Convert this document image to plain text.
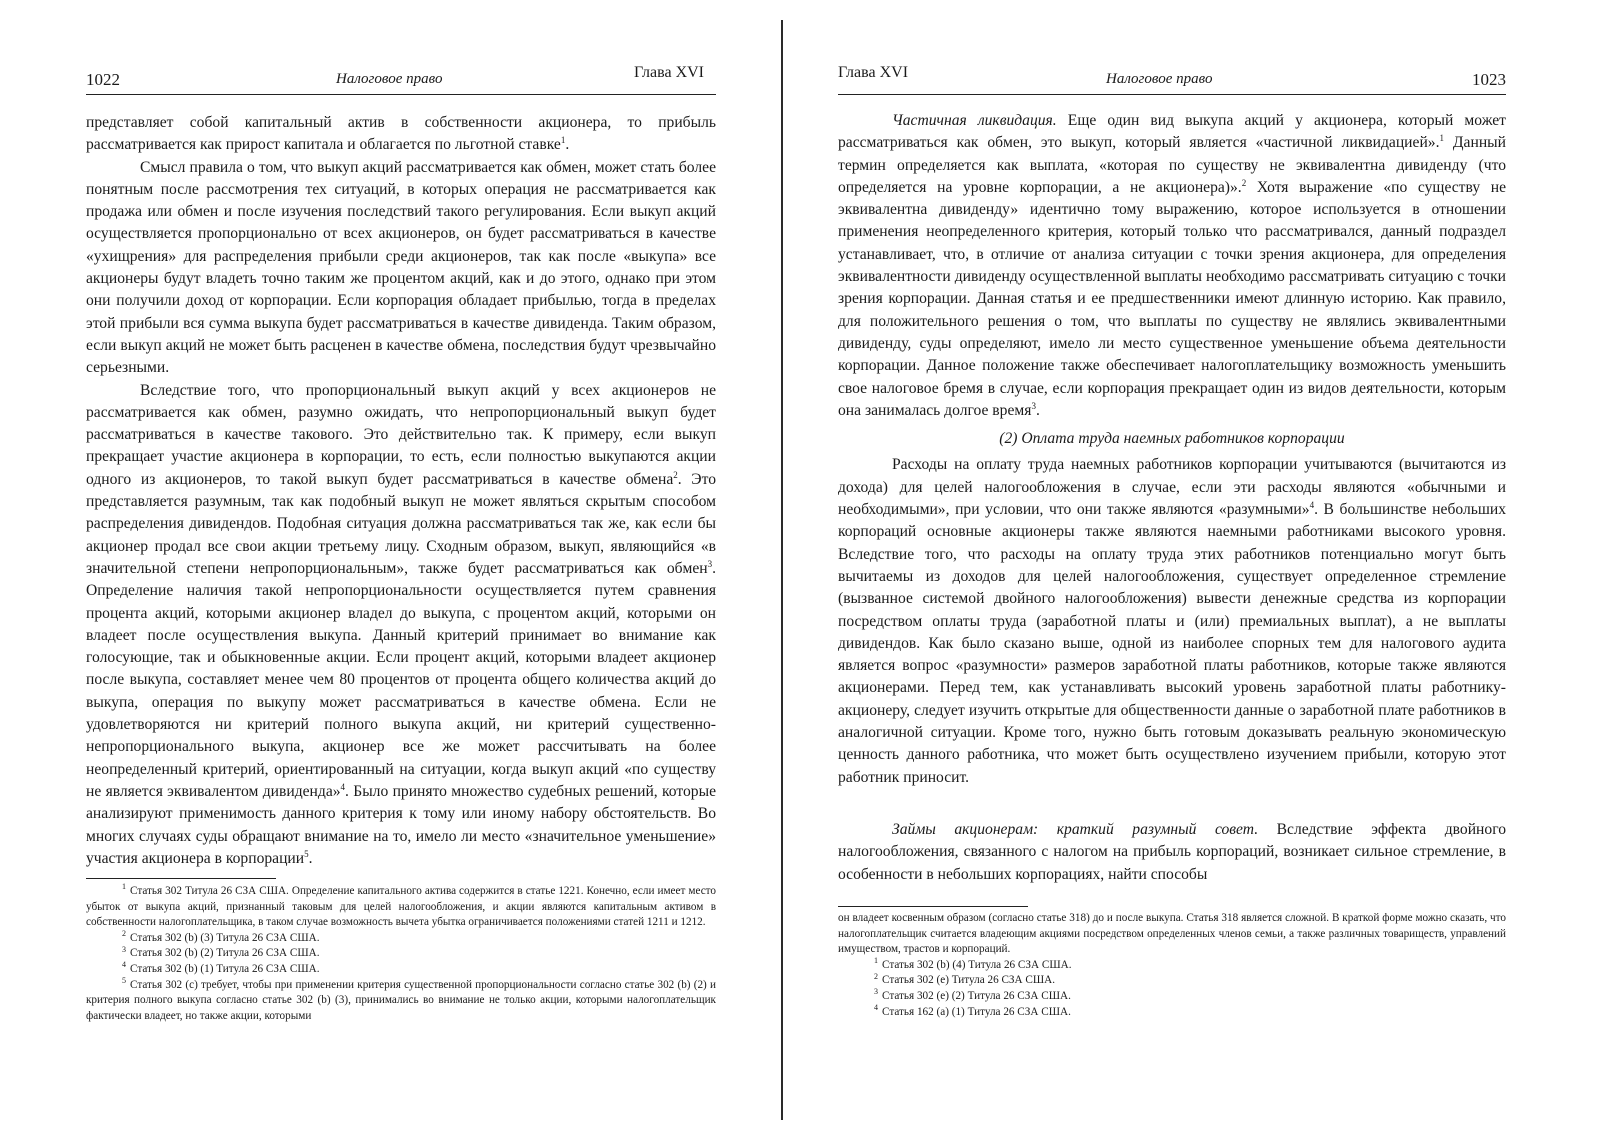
1022	Налоговое право	Глава XVI

представляет собой капитальный актив в собственности акционера, то прибыль рассматривается как прирост капитала и облагается по льготной ставке$^1$.

Смысл правила о том, что выкуп акций рассматривается как обмен, может стать более понятным после рассмотрения тех ситуаций, в которых операция не рассматривается как продажа или обмен и после изучения последствий такого регулирования. Если выкуп акций осуществляется пропорционально от всех акционеров, он будет рассматриваться в качестве «ухищрения» для распределения прибыли среди акционеров, так как после «выкупа» все акционеры будут владеть точно таким же процентом акций, как и до этого, однако при этом они получили доход от корпорации. Если корпорация обладает прибылью, тогда в пределах этой прибыли вся сумма выкупа будет рассматриваться в качестве дивиденда. Таким образом, если выкуп акций не может быть расценен в качестве обмена, последствия будут чрезвычайно серьезными.

Вследствие того, что пропорциональный выкуп акций у всех акционеров не рассматривается как обмен, разумно ожидать, что непропорциональный выкуп будет рассматриваться в качестве такового. Это действительно так. К примеру, если выкуп прекращает участие акционера в корпорации, то есть, если полностью выкупаются акции одного из акционеров, то такой выкуп будет рассматриваться в качестве обмена$^2$. Это представляется разумным, так как подобный выкуп не может являться скрытым способом распределения дивидендов. Подобная ситуация должна рассматриваться так же, как если бы акционер продал все свои акции третьему лицу. Сходным образом, выкуп, являющийся «в значительной степени непропорциональным», также будет рассматриваться как обмен$^3$. Определение наличия такой непропорциональности осуществляется путем сравнения процента акций, которыми акционер владел до выкупа, с процентом акций, которыми он владеет после осуществления выкупа. Данный критерий принимает во внимание как голосующие, так и обыкновенные акции. Если процент акций, которыми владеет акционер после выкупа, составляет менее чем 80 процентов от процента общего количества акций до выкупа, операция по выкупу может рассматриваться в качестве обмена. Если не удовлетворяются ни критерий полного выкупа акций, ни критерий существенно-непропорционального выкупа, акционер все же может рассчитывать на более неопределенный критерий, ориентированный на ситуации, когда выкуп акций «по существу не является эквивалентом дивиденда»$^4$. Было принято множество судебных решений, которые анализируют применимость данного критерия к тому или иному набору обстоятельств. Во многих случаях суды обращают внимание на то, имело ли место «значительное уменьшение» участия акционера в корпорации$^5$.

$^1$ Статья 302 Титула 26 СЗА США. Определение капитального актива содержится в статье 1221. Конечно, если имеет место убыток от выкупа акций, признанный таковым для целей налогообложения, и акции являются капитальным активом в собственности налогоплательщика, в таком случае возможность вычета убытка ограничивается положениями статей 1211 и 1212.

$^2$ Статья 302 (b) (3) Титула 26 СЗА США.

$^3$ Статья 302 (b) (2) Титула 26 СЗА США.

$^4$ Статья 302 (b) (1) Титула 26 СЗА США.

$^5$ Статья 302 (c) требует, чтобы при применении критерия существенной пропорциональности согласно статье 302 (b) (2) и критерия полного выкупа согласно статье 302 (b) (3), принимались во внимание не только акции, которыми налогоплательщик фактически владеет, но также акции, которыми

Глава XVI	Налоговое право	1023

Частичная ликвидация. Еще один вид выкупа акций у акционера, который может рассматриваться как обмен, это выкуп, который является «частичной ликвидацией».$^1$ Данный термин определяется как выплата, «которая по существу не эквивалентна дивиденду (что определяется на уровне корпорации, а не акционера)».$^2$ Хотя выражение «по существу не эквивалентна дивиденду» идентично тому выражению, которое используется в отношении применения неопределенного критерия, который только что рассматривался, данный подраздел устанавливает, что, в отличие от анализа ситуации с точки зрения акционера, для определения эквивалентности дивиденду осуществленной выплаты необходимо рассматривать ситуацию с точки зрения корпорации. Данная статья и ее предшественники имеют длинную историю. Как правило, для положительного решения о том, что выплаты по существу не являлись эквивалентными дивиденду, суды определяют, имело ли место существенное уменьшение объема деятельности корпорации. Данное положение также обеспечивает налогоплательщику возможность уменьшить свое налоговое бремя в случае, если корпорация прекращает один из видов деятельности, которым она занималась долгое время$^3$.

(2) Оплата труда наемных работников корпорации

Расходы на оплату труда наемных работников корпорации учитываются (вычитаются из дохода) для целей налогообложения в случае, если эти расходы являются «обычными и необходимыми», при условии, что они также являются «разумными»$^4$. В большинстве небольших корпораций основные акционеры также являются наемными работниками высокого уровня. Вследствие того, что расходы на оплату труда этих работников потенциально могут быть вычитаемы из доходов для целей налогообложения, существует определенное стремление (вызванное системой двойного налогообложения) вывести денежные средства из корпорации посредством оплаты труда (заработной платы и (или) премиальных выплат), а не выплаты дивидендов. Как было сказано выше, одной из наиболее спорных тем для налогового аудита является вопрос «разумности» размеров заработной платы работников, которые также являются акционерами. Перед тем, как устанавливать высокий уровень заработной платы работнику-акционеру, следует изучить открытые для общественности данные о заработной плате работников в аналогичной ситуации. Кроме того, нужно быть готовым доказывать реальную экономическую ценность данного работника, что может быть осуществлено изучением прибыли, которую этот работник приносит.

Займы акционерам: краткий разумный совет. Вследствие эффекта двойного налогообложения, связанного с налогом на прибыль корпораций, возникает сильное стремление, в особенности в небольших корпорациях, найти способы

он владеет косвенным образом (согласно статье 318) до и после выкупа. Статья 318 является сложной. В краткой форме можно сказать, что налогоплательщик считается владеющим акциями посредством определенных членов семьи, а также различных товариществ, управлений имуществом, трастов и корпораций.

$^1$ Статья 302 (b) (4) Титула 26 СЗА США.

$^2$ Статья 302 (e) Титула 26 СЗА США.

$^3$ Статья 302 (e) (2) Титула 26 СЗА США.

$^4$ Статья 162 (a) (1) Титула 26 СЗА США.
